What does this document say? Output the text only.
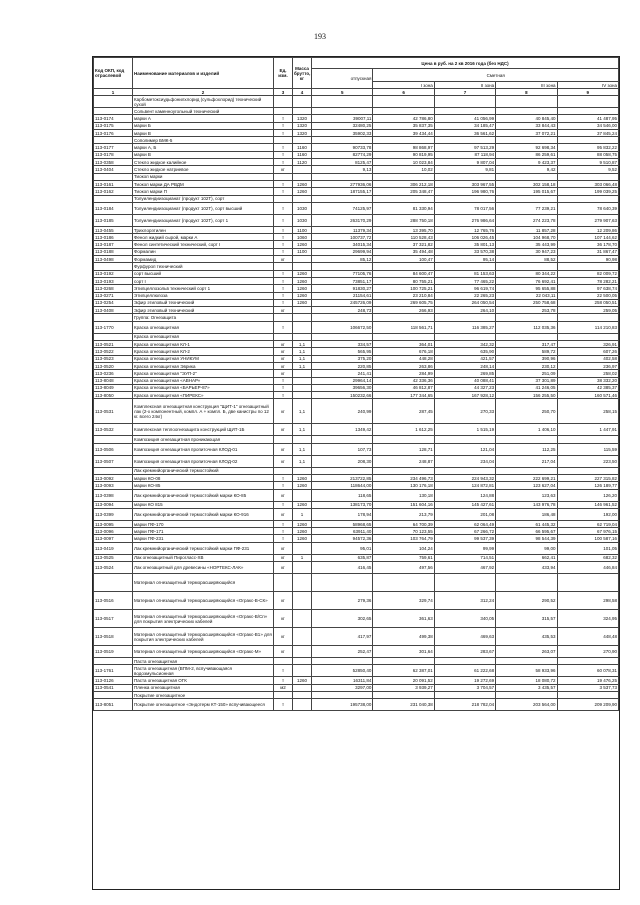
193
Код ОКП, код отраслевой	Наименование материалов и изделий	Ед. изм.	Масса брутто, кг	Цена в руб. на 2 кв 2016 года (без НДС)				
				отпускная	Сметная			
					I зона	II зона	III зона	IV зона
1	2	3	4	5	6	7	8	9
	Карбометоксиудьфонилхлорид (сульфохлорид) технический сухой							
	Сольвент каменноугольный технический							
113-0174	марки А	т	1320	39007,11	42 786,80	41 056,99	40 845,40	41 487,95
113-0175	марки Б	т	1320	32480,25	35 837,35	34 185,47	33 844,43	34 546,00
113-0176	марки В	т	1320	35902,33	39 434,44	36 561,62	37 072,21	37 845,24
	Сополимер БМК-5							
113-0177	марки А, Б	т	1160	90733,78	98 868,97	97 513,29	92 698,34	95 832,22
113-0178	марки В	т	1160	82774,29	90 819,95	87 118,94	86 259,61	88 058,75
113-0358	Стекло жидкое калийное	т	1120	8125,47	10 023,84	9 807,04	9 423,37	9 510,87
113-0404	Стекло жидкое натриевое	кг		9,13	10,02	9,81	9,42	9,52
	Тиокол марки							
113-0161	Тиокол марки ДА РВДМ	т	1260	277936,06	306 212,18	303 967,55	302 158,18	303 066,48
113-0162	Тиокол марки П	т	1260	187155,17	205 348,47	196 980,76	195 015,67	199 039,25
	Толуилендиизоцианат (продукт 102Т), сорт							
113-0184	Толуилендиизоцианат (продукт 102Т), сорт высший	т	1030	74125,97	81 330,94	78 017,56	77 239,21	78 640,39
113-0185	Толуилендиизоцианат (продукт 102Т), сорт 1	т	1030	263170,29	288 750,18	276 986,64	274 223,78	279 907,63
113-0455	Трихлорэтилен	т	1100	11379,34	13 395,70	12 765,76	11 857,28	12 209,86
113-0186	Фенол жидкий сырой, марки А	т	1060	100737,72	110 528,43	106 026,45	104 968,70	107 144,62
113-0187	Фенол синтетический технический, сорт I	т	1260	34015,34	37 321,82	35 801,13	35 443,99	36 178,70
113-0188	Формалин	т	1100	29699,94	35 494,48	33 570,38	30 947,23	31 867,47
113-0498	Формамид	кг		85,12	100,47	95,14	88,52	90,98
	Фурфурол технический							
113-0192	сорт высший	т	1260	77105,76	84 600,47	81 153,63	80 344,22	82 009,72
113-0193	сорт I	т	1260	73851,17	80 755,21	77 465,22	76 692,41	78 282,21
113-0268	Этилцеллозольв технический сорт 1	т	1260	91830,27	100 725,21	96 619,74	95 655,88	97 638,74
113-0271	Этилцеллюлоза	т	1260	21154,61	23 210,84	22 265,23	22 043,11	22 500,05
113-0254	Эфир этиловый технический	т	1260	245726,09	269 605,75	264 050,54	250 758,68	258 050,51
113-0408	Эфир этиловый технический	кг		248,73	266,93	264,10	253,78	259,05
	Группа: Огнезащита							
113-1770	Краска огнезащитная	т		106672,50	118 561,71	116 385,27	112 035,36	114 210,83
	Краска огнезащитная							
113-0521	Краска огнезащитная КЛ-1	кг	1,1	334,57	364,01	342,32	317,47	326,91
113-0522	Краска огнезащитная КЛ-2	кг	1,1	565,95	676,18	635,90	589,72	607,26
113-0523	Краска огнезащитная УНИКУМ	кг	1,1	375,20	448,28	421,57	390,96	402,58
113-0520	Краска огнезащитная Эврика	кг	1,1	220,85	263,86	248,14	230,12	236,97
113-0236	Краска огнезащитная "ЭУП-2"	кг		241,41	284,99	269,85	251,09	258,02
113-8048	Краска огнезащитная «АВНАР»	т		29964,14	42 336,36	40 088,41	37 301,89	38 332,20
113-8049	Краска огнезащитная «БАРЬЕР-87»	т		39656,30	46 812,87	44 327,23	41 246,05	42 385,37
113-8050	Краска огнезащитная «ПИРЕКС»	т		150232,66	177 344,65	167 928,12	156 255,50	160 571,46
113-0531	Комплексная огнезащитная конструкция "ЩИТ-1" огнезащитный лак (2-х компонентный, компл. А + компл. Б, две канистры по 12 кг. всего 24кг)	кг	1,1	240,99	287,45	270,33	250,70	258,15
113-0532	Комплексная теплоогнезащита конструкций ЩИТ-1Б	кг	1,1	1349,42	1 612,25	1 515,19	1 406,10	1 447,91
	Композиция огнезащитная проникающая							
113-0506	Композиция огнезащитная пропиточная КЛОД-01	кг	1,1	107,73	128,71	121,04	112,25	115,59
113-0507	Композиция огнезащитная пропиточная КЛОД-02	кг	1,1	208,30	248,87	234,04	217,04	223,50
	Лак кремнийорганический термостойкий							
113-0092	марки КО-08	т	1260	213722,85	234 496,73	224 943,32	222 699,21	227 315,82
113-0093	марки КО-85	т	1260	118644,00	130 176,18	124 872,81	123 627,04	126 189,77
113-0398	Лак кремнийорганический термостойкий марки КО-85	кг		118,65	130,18	124,88	123,63	126,20
113-0094	марки КО 815	т	1260	138173,70	151 604,16	145 427,61	143 976,78	146 961,52
113-0399	Лак кремнийорганический термостойкий марки КО-916	кг	1	178,94	213,79	201,08	186,48	192,00
113-0095	марки ПФ-170	т	1260	58968,65	64 700,39	62 064,49	61 445,32	62 719,04
113-0096	марки ПФ-171	т	1260	63911,40	70 123,55	67 266,72	66 595,67	67 976,15
113-0097	марки ПФ-231	т	1260	94572,36	103 764,79	99 537,39	98 544,39	100 587,16
113-0419	Лак кремнийорганический термостойкий марки ПФ-231	кг		95,01	104,24	99,99	99,00	101,05
113-0525	Лак огнезащитный Пирогласс-ХВ	кг	1	635,87	759,61	714,51	662,41	682,32
113-0524	Лак огнезащитный для древесины «НОРТЕКС-ЛАК»	кг		416,45	497,56	467,92	433,94	446,84
	Материал огнезащитный терморасширяющийся							
113-0516	Материал огнезащитный терморасширяющийся «Огракс-В-СК»	кг		279,36	329,74	312,24	290,52	298,58
113-0517	Материал огнезащитный терморасширяющийся «Огракс-В/Сп» для покрытия электрических кабелей	кг		302,65	361,63	340,05	315,57	324,95
113-0518	Материал огнезащитный терморасширяющийся «Огракс-В1» для покрытия электрических кабелей	кг		417,97	499,38	469,63	435,53	448,48
113-0519	Материал огнезащитный терморасширяющийся «Огракс-М»	кг		252,47	301,64	283,67	263,07	270,90
	Паста огнезащитная							
113-1761	Паста огнезащитная (ВПМ-2, вспучивающаяся водоэмульсионная	т		52850,40	62 387,01	61 222,68	58 933,96	60 078,31
113-0126	Паста огнезащитная ОГК	т	1260	16311,84	20 091,52	19 272,69	18 080,72	19 476,25
113-0541	Пленка огнезащитная	м2		3297,00	3 939,27	3 704,57	3 435,57	3 537,73
	Покрытие огнезащитное							
113-8051	Покрытие огнезащитное «Эндотерм КТ-150» вспучивающееся	т		195738,00	231 040,38	218 782,04	203 564,00	209 209,90
